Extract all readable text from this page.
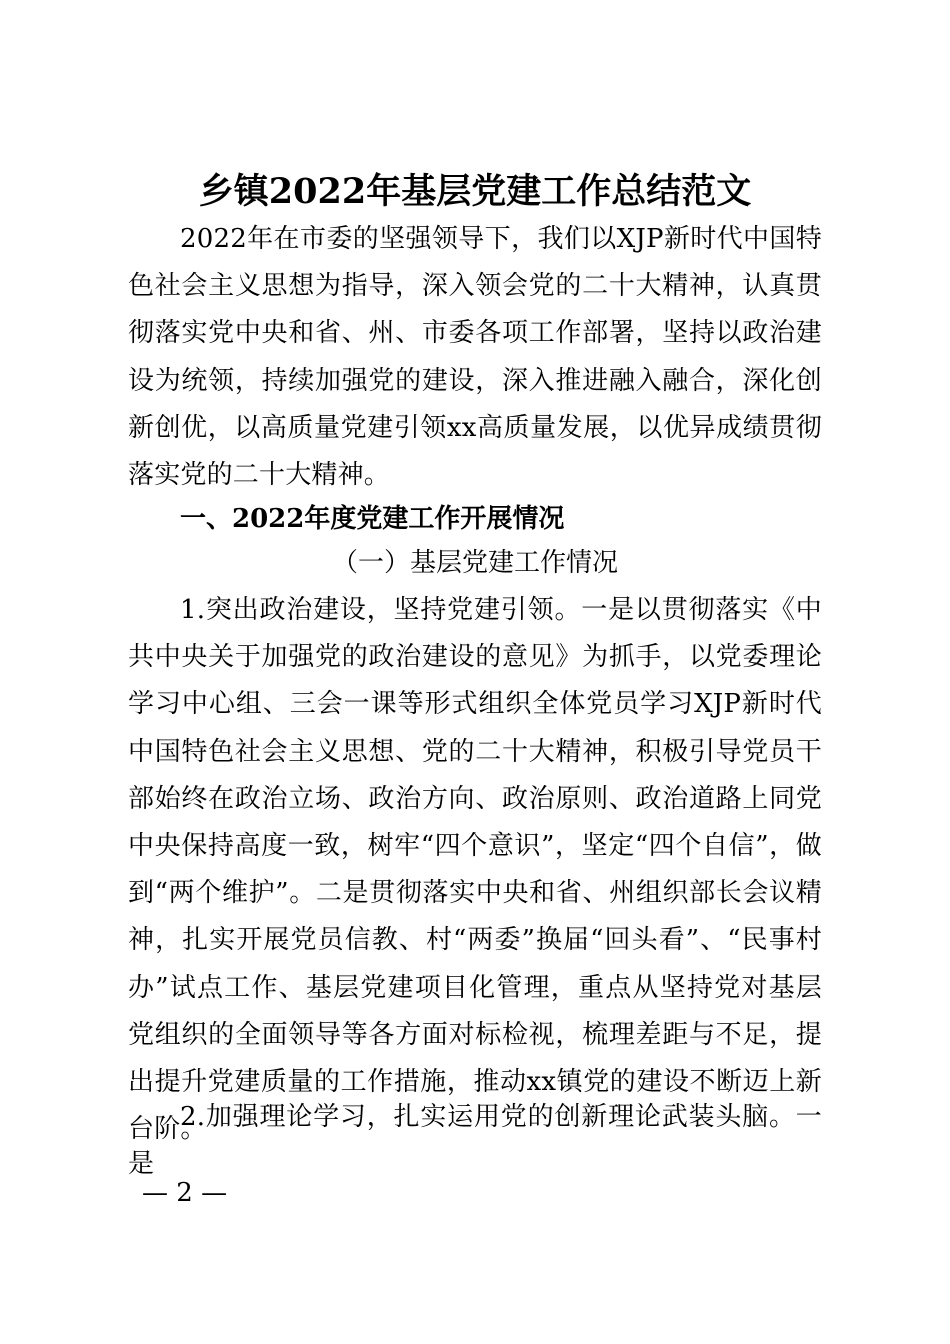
乡镇2022年基层党建工作总结范文

2022年在市委的坚强领导下，我们以XJP新时代中国特色社会主义思想为指导，深入领会党的二十大精神，认真贯彻落实党中央和省、州、市委各项工作部署，坚持以政治建设为统领，持续加强党的建设，深入推进融入融合，深化创新创优，以高质量党建引领xx高质量发展，以优异成绩贯彻落实党的二十大精神。

一、2022年度党建工作开展情况
（一）基层党建工作情况

1.突出政治建设，坚持党建引领。一是以贯彻落实《中共中央关于加强党的政治建设的意见》为抓手，以党委理论学习中心组、三会一课等形式组织全体党员学习XJP新时代中国特色社会主义思想、党的二十大精神，积极引导党员干部始终在政治立场、政治方向、政治原则、政治道路上同党中央保持高度一致，树牢“四个意识”，坚定“四个自信”，做到“两个维护”。二是贯彻落实中央和省、州组织部长会议精神，扎实开展党员信教、村“两委”换届“回头看”、“民事村办”试点工作、基层党建项目化管理，重点从坚持党对基层党组织的全面领导等各方面对标检视，梳理差距与不足，提出提升党建质量的工作措施，推动xx镇党的建设不断迈上新台阶。

2.加强理论学习，扎实运用党的创新理论武装头脑。一是

— 2 —
